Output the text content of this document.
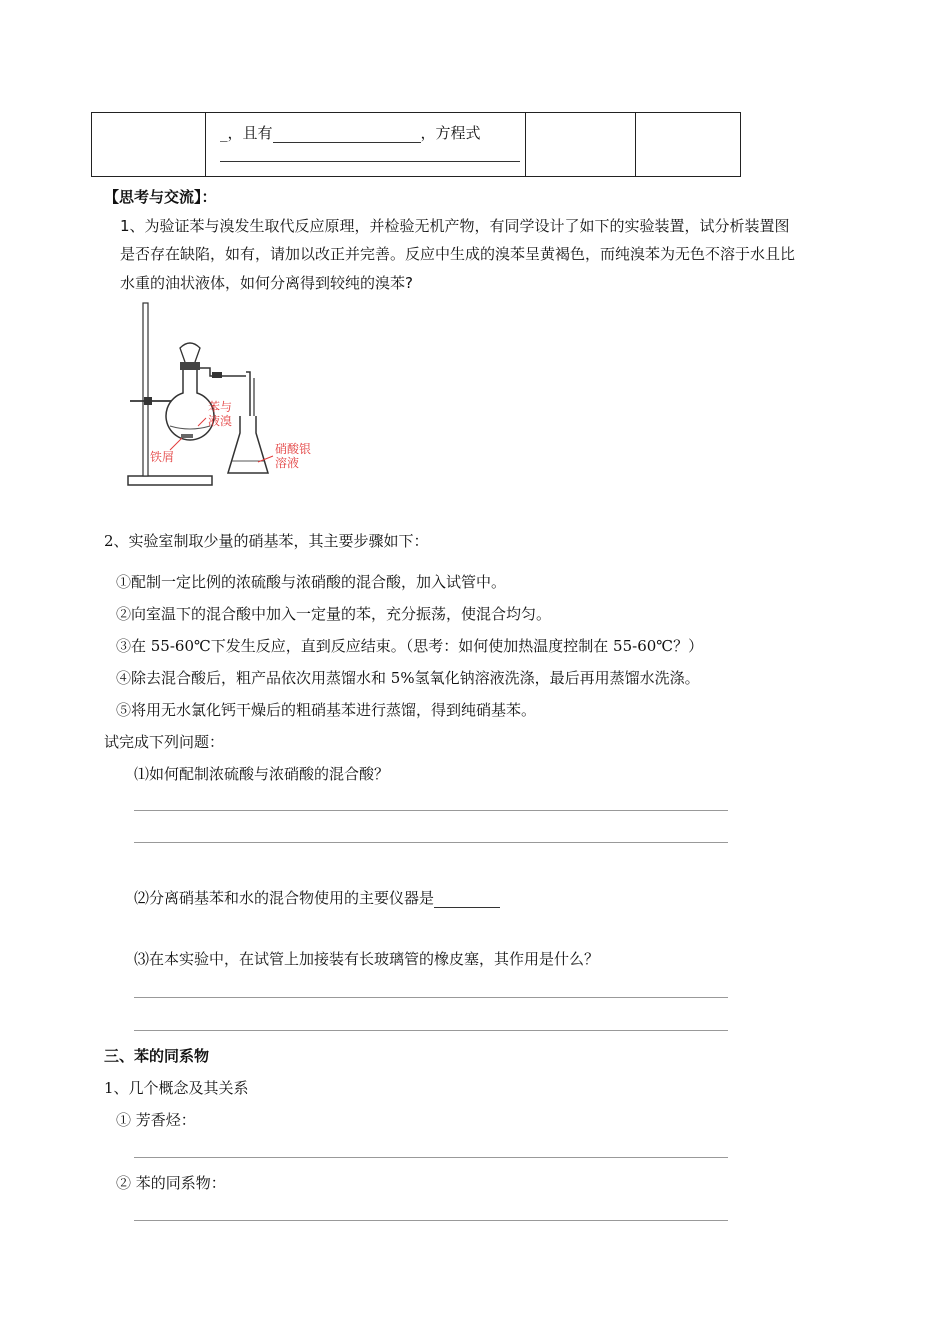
_，且有	，方程式

【思考与交流】：
1、为验证苯与溴发生取代反应原理，并检验无机产物，有同学设计了如下的实验装置，试分析装置图
是否存在缺陷，如有，请加以改正并完善。反应中生成的溴苯呈黄褐色，而纯溴苯为无色不溶于水且比
水重的油状液体，如何分离得到较纯的溴苯?
苯与
液溴
铁屑
硝酸银
溶液
2、实验室制取少量的硝基苯，其主要步骤如下：
①配制一定比例的浓硫酸与浓硝酸的混合酸，加入试管中。
②向室温下的混合酸中加入一定量的苯，充分振荡，使混合均匀。
③在 55-60℃下发生反应，直到反应结束。（思考：如何使加热温度控制在 55-60℃？）
④除去混合酸后，粗产品依次用蒸馏水和 5%氢氧化钠溶液洗涤，最后再用蒸馏水洗涤。
⑤将用无水氯化钙干燥后的粗硝基苯进行蒸馏，得到纯硝基苯。
试完成下列问题：
⑴如何配制浓硫酸与浓硝酸的混合酸？
⑵分离硝基苯和水的混合物使用的主要仪器是
⑶在本实验中，在试管上加接装有长玻璃管的橡皮塞，其作用是什么？
三、苯的同系物
1、几个概念及其关系
① 芳香烃：
② 苯的同系物：
